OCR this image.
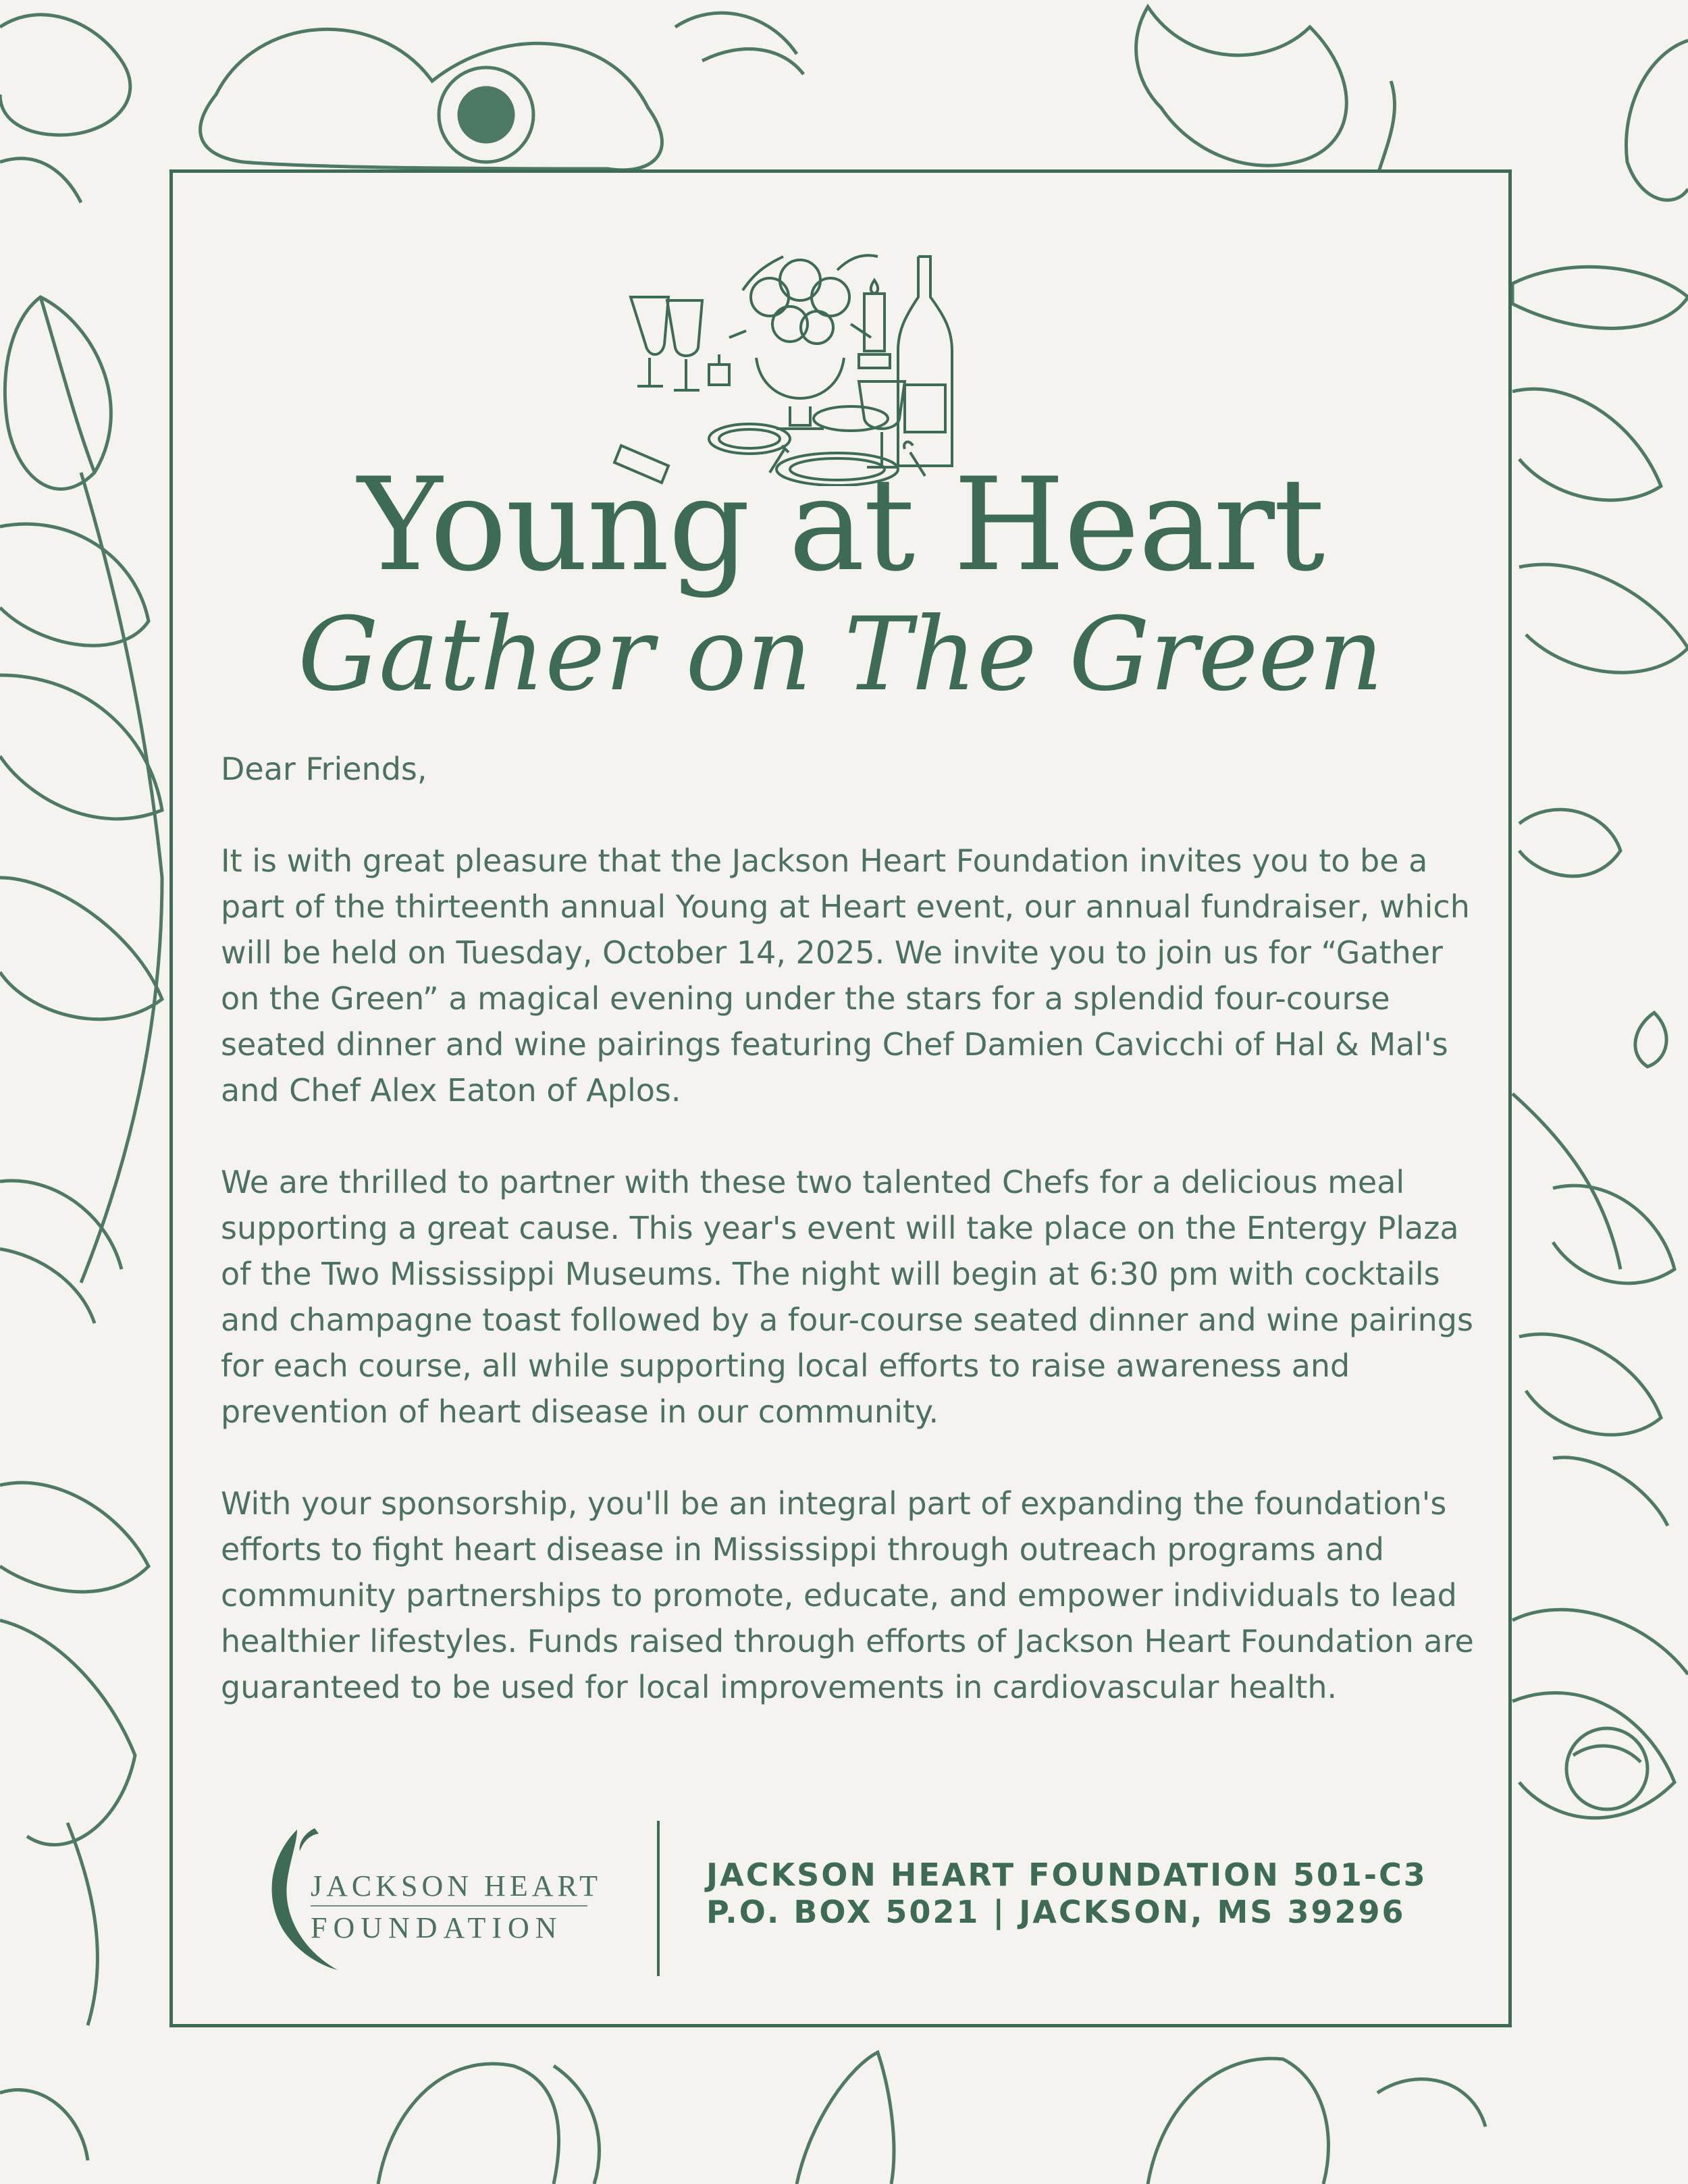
Young at Heart
Gather on The Green

Dear Friends,

It is with great pleasure that the Jackson Heart Foundation invites you to be a part of the thirteenth annual Young at Heart event, our annual fundraiser, which will be held on Tuesday, October 14, 2025. We invite you to join us for “Gather on the Green” a magical evening under the stars for a splendid four-course seated dinner and wine pairings featuring Chef Damien Cavicchi of Hal & Mal's and Chef Alex Eaton of Aplos.

We are thrilled to partner with these two talented Chefs for a delicious meal supporting a great cause. This year's event will take place on the Entergy Plaza of the Two Mississippi Museums. The night will begin at 6:30 pm with cocktails and champagne toast followed by a four-course seated dinner and wine pairings for each course, all while supporting local efforts to raise awareness and prevention of heart disease in our community.

With your sponsorship, you'll be an integral part of expanding the foundation's efforts to fight heart disease in Mississippi through outreach programs and community partnerships to promote, educate, and empower individuals to lead healthier lifestyles. Funds raised through efforts of Jackson Heart Foundation are guaranteed to be used for local improvements in cardiovascular health.

JACKSON HEART
FOUNDATION
JACKSON HEART FOUNDATION 501-C3
P.O. BOX 5021 | JACKSON, MS 39296
